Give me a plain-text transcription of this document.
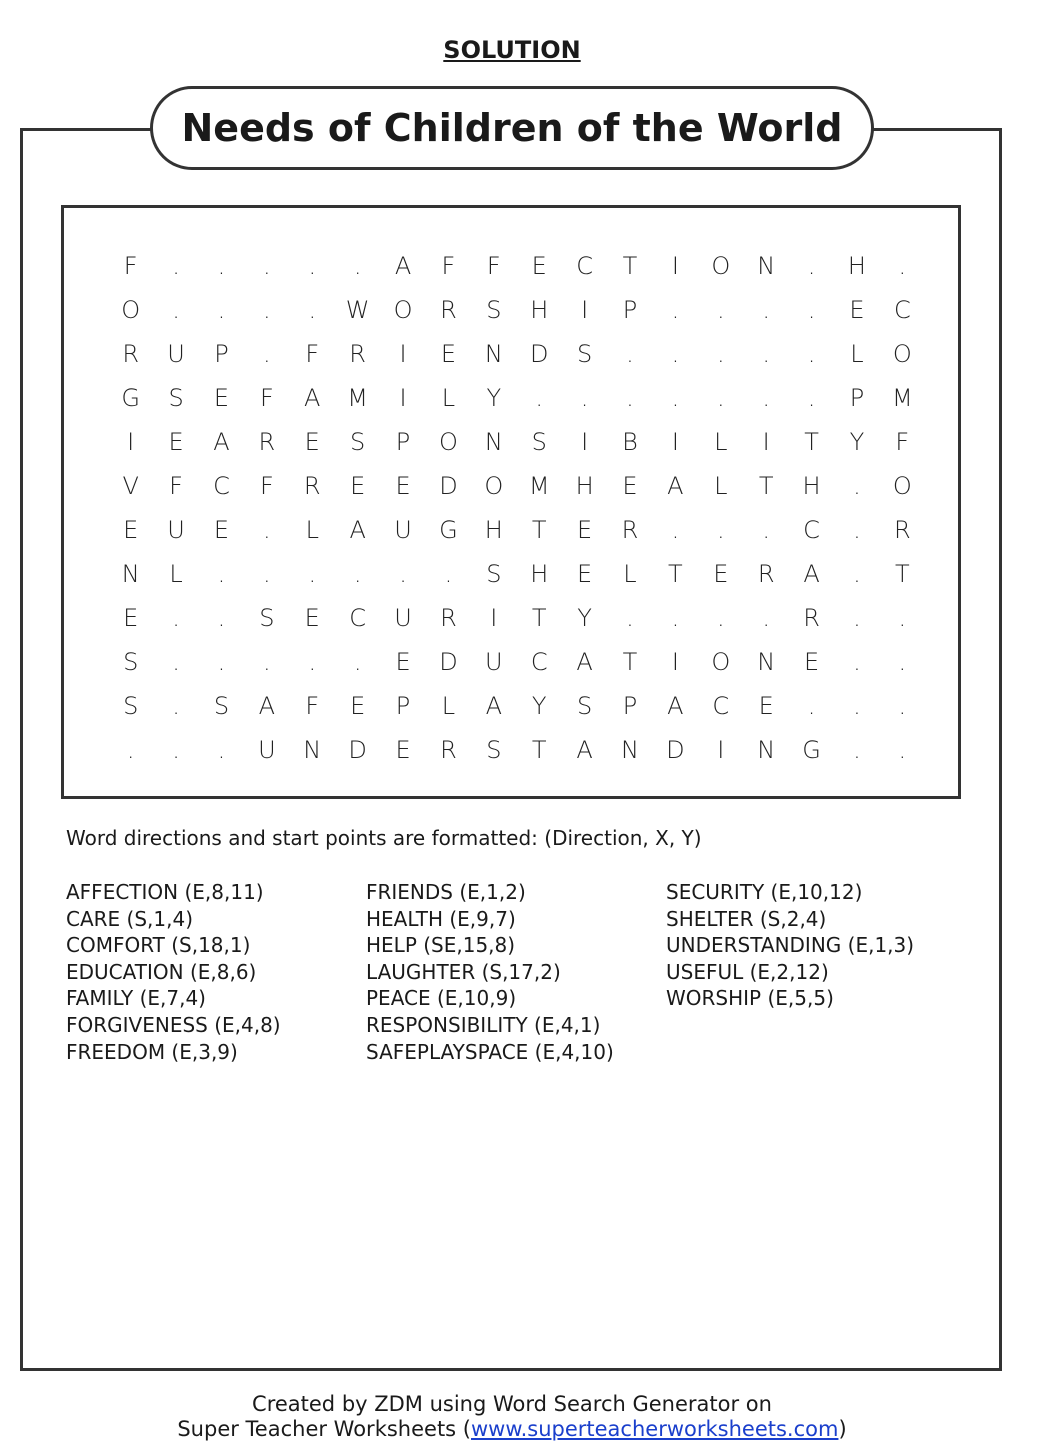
SOLUTION
Needs of Children of the World
F	.	.	.	.	.	A	F	F	E	C	T	I	O	N	.	H	.
O	.	.	.	.	W	O	R	S	H	I	P	.	.	.	.	E	C
R	U	P	.	F	R	I	E	N	D	S	.	.	.	.	.	L	O
G	S	E	F	A	M	I	L	Y	.	.	.	.	.	.	.	P	M
I	E	A	R	E	S	P	O	N	S	I	B	I	L	I	T	Y	F
V	F	C	F	R	E	E	D	O	M	H	E	A	L	T	H	.	O
E	U	E	.	L	A	U	G	H	T	E	R	.	.	.	C	.	R
N	L	.	.	.	.	.	.	S	H	E	L	T	E	R	A	.	T
E	.	.	S	E	C	U	R	I	T	Y	.	.	.	.	R	.	.
S	.	.	.	.	.	E	D	U	C	A	T	I	O	N	E	.	.
S	.	S	A	F	E	P	L	A	Y	S	P	A	C	E	.	.	.
.	.	.	U	N	D	E	R	S	T	A	N	D	I	N	G	.	.
Word directions and start points are formatted: (Direction, X, Y)
AFFECTION (E,8,11)
CARE (S,1,4)
COMFORT (S,18,1)
EDUCATION (E,8,6)
FAMILY (E,7,4)
FORGIVENESS (E,4,8)
FREEDOM (E,3,9)
FRIENDS (E,1,2)
HEALTH (E,9,7)
HELP (SE,15,8)
LAUGHTER (S,17,2)
PEACE (E,10,9)
RESPONSIBILITY (E,4,1)
SAFEPLAYSPACE (E,4,10)
SECURITY (E,10,12)
SHELTER (S,2,4)
UNDERSTANDING (E,1,3)
USEFUL (E,2,12)
WORSHIP (E,5,5)
Created by ZDM using Word Search Generator on
Super Teacher Worksheets (www.superteacherworksheets.com)
